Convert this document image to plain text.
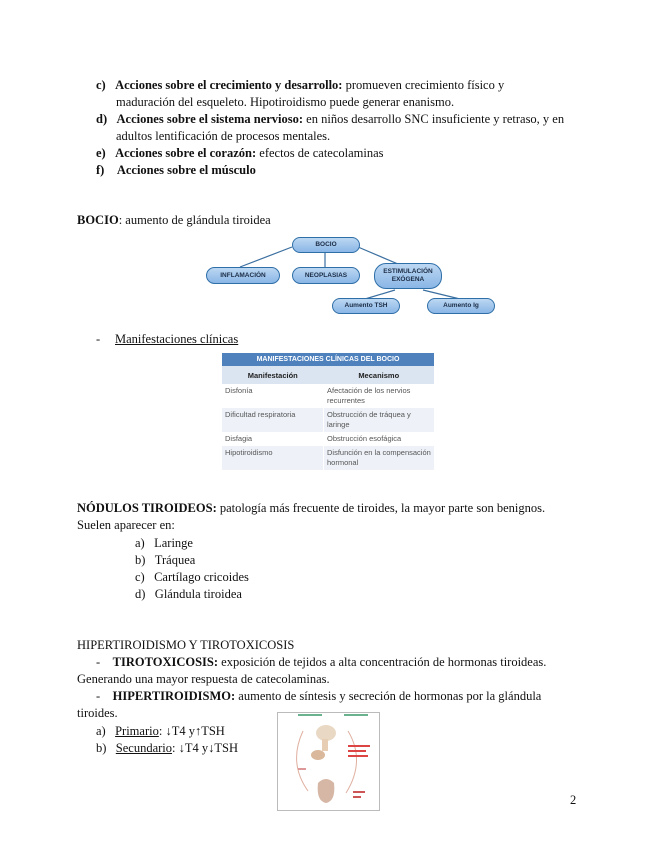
c) Acciones sobre el crecimiento y desarrollo: promueven crecimiento físico y
maduración del esqueleto. Hipotiroidismo puede generar enanismo.
d) Acciones sobre el sistema nervioso: en niños desarrollo SNC insuficiente y retraso, y en
adultos lentificación de procesos mentales.
e) Acciones sobre el corazón: efectos de catecolaminas
f) Acciones sobre el músculo
BOCIO: aumento de glándula tiroidea
BOCIO
INFLAMACIÓN	NEOPLASIAS	ESTIMULACIÓN EXÓGENA
Aumento TSH	Aumento Ig
- Manifestaciones clínicas
MANIFESTACIONES CLÍNICAS DEL BOCIO	
Manifestación	Mecanismo
Disfonía	Afectación de los nervios recurrentes
Dificultad respiratoria	Obstrucción de tráquea y laringe
Disfagia	Obstrucción esofágica
Hipotiroidismo	Disfunción en la compensación hormonal
NÓDULOS TIROIDEOS: patología más frecuente de tiroides, la mayor parte son benignos.
Suelen aparecer en:
a) Laringe
b) Tráquea
c) Cartílago cricoides
d) Glándula tiroidea
HIPERTIROIDISMO Y TIROTOXICOSIS
- TIROTOXICOSIS: exposición de tejidos a alta concentración de hormonas tiroideas.
Generando una mayor respuesta de catecolaminas.
- HIPERTIROIDISMO: aumento de síntesis y secreción de hormonas por la glándula
tiroides.
a) Primario: ↓T4 y↑TSH
b) Secundario: ↓T4 y↓TSH
2
